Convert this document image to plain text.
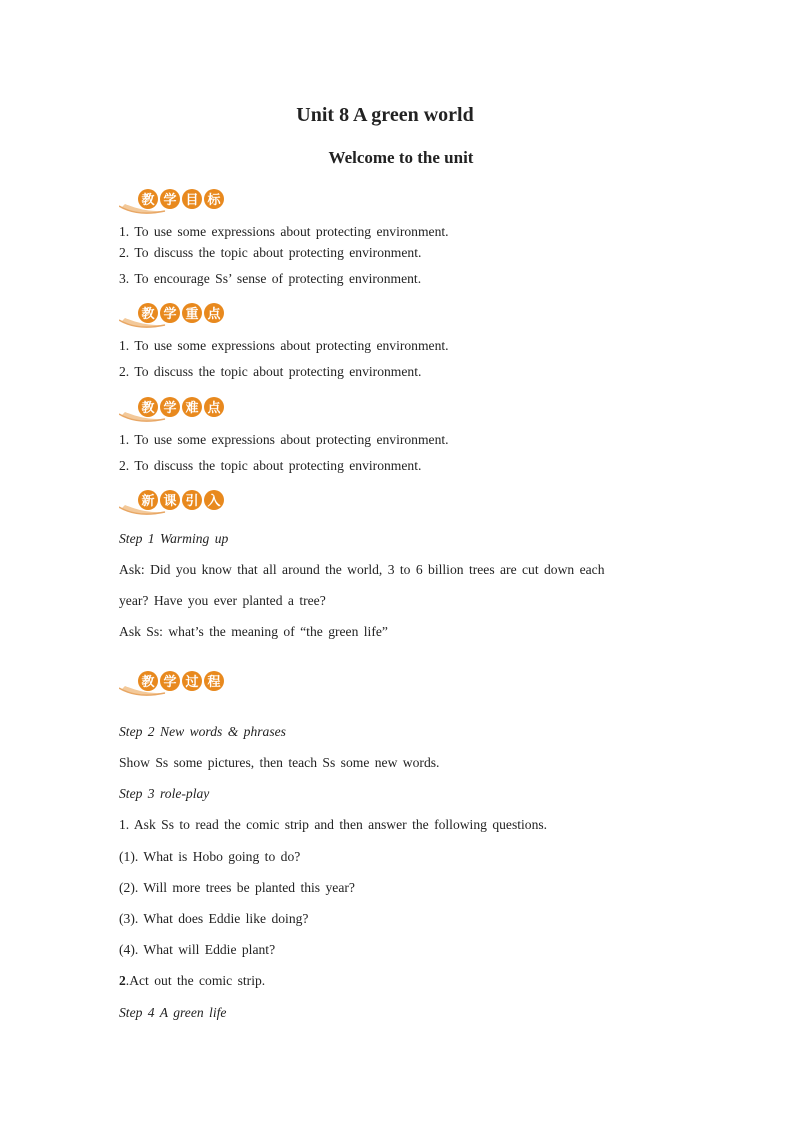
Unit 8 A green world
Welcome to the unit
教 学 目 标
1. To use some expressions about protecting environment.
2. To discuss the topic about protecting environment.
3. To encourage Ss’ sense of protecting environment.
教 学 重 点
1. To use some expressions about protecting environment.
2. To discuss the topic about protecting environment.
教 学 难 点
1. To use some expressions about protecting environment.
2. To discuss the topic about protecting environment.
新 课 引 入
Step 1 Warming up
Ask: Did you know that all around the world, 3 to 6 billion trees are cut down each
year? Have you ever planted a tree?
Ask Ss: what’s the meaning of “the green life”
教 学 过 程
Step 2 New words & phrases
Show Ss some pictures, then teach Ss some new words.
Step 3 role-play
1. Ask Ss to read the comic strip and then answer the following questions.
(1). What is Hobo going to do?
(2). Will more trees be planted this year?
(3). What does Eddie like doing?
(4). What will Eddie plant?
2.Act out the comic strip.
Step 4 A green life
